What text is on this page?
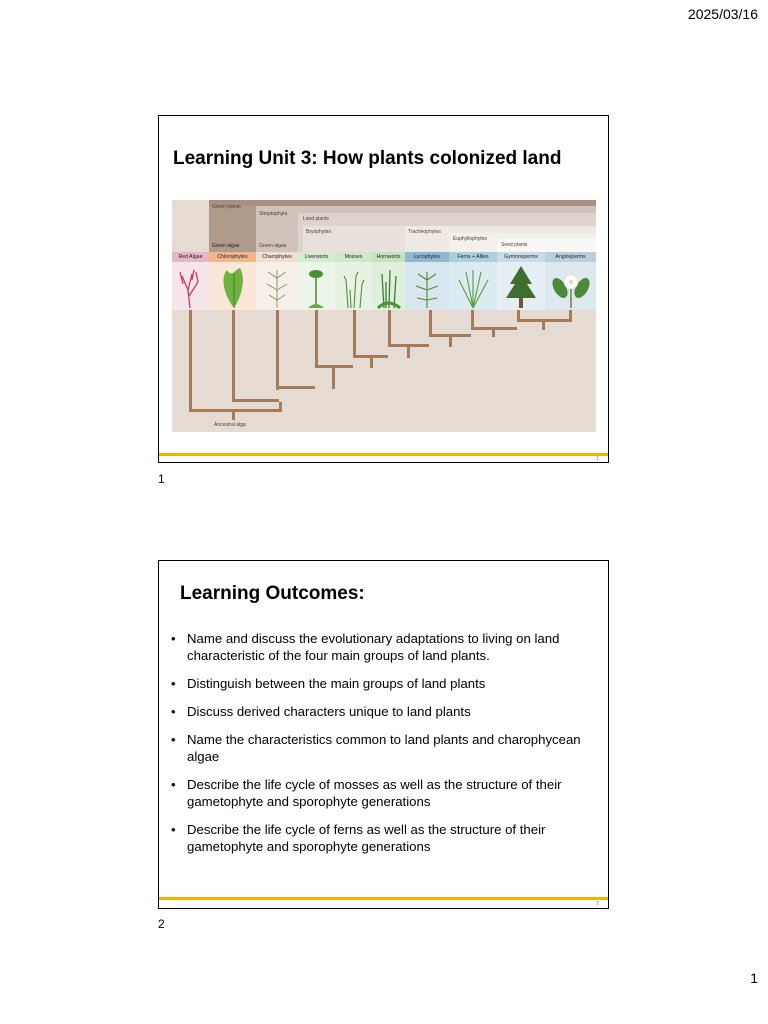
2025/03/16
Learning Unit 3: How plants colonized land
Green plants
Streptophyta
Land plants
Bryophytes	Tracheophytes
Euphyllophytes
Seed plants
Green algae	Green algae
Red Algae	Chlorophytes	Charophytes	Liverworts	Mosses	Hornworts	Lycophytes	Ferns + Allies	Gymnosperms	Angiosperms
Ancestral alga
1
1
Learning Outcomes:
• Name and discuss the evolutionary adaptations to living on land characteristic of the four main groups of land plants.
• Distinguish between the main groups of land plants
• Discuss derived characters unique to land plants
• Name the characteristics common to land plants and charophycean algae
• Describe the life cycle of mosses as well as the structure of their gametophyte and sporophyte generations
• Describe the life cycle of ferns as well as the structure of their gametophyte and sporophyte generations
2
2
1
